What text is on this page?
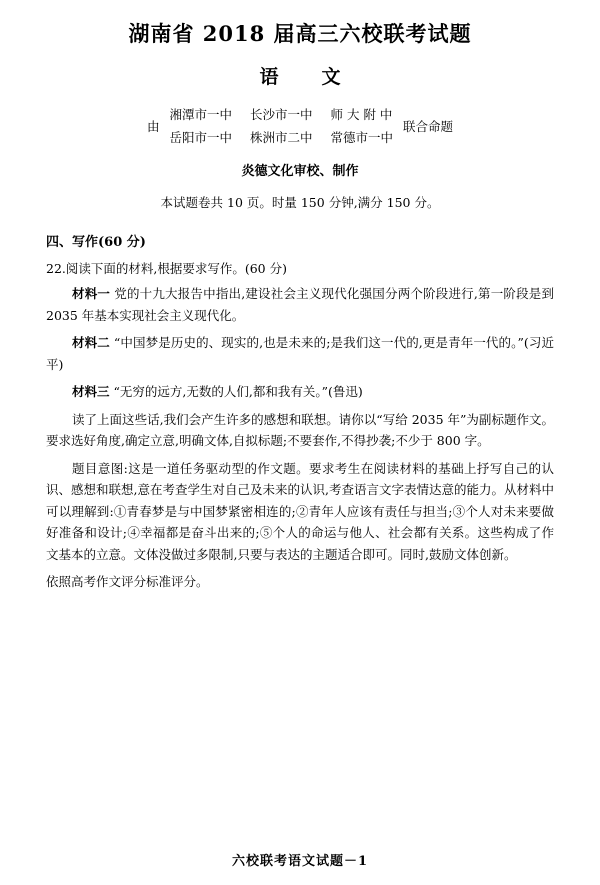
湖南省 2018 届高三六校联考试题
语　文
由
湘潭市一中 长沙市一中 师 大 附 中
岳阳市一中 株洲市二中 常德市一中
联合命题
炎德文化审校、制作
本试题卷共 10 页。时量 150 分钟,满分 150 分。
四、写作(60 分)
22.阅读下面的材料,根据要求写作。(60 分)
材料一 党的十九大报告中指出,建设社会主义现代化强国分两个阶段进行,第一阶段是到 2035 年基本实现社会主义现代化。
材料二 “中国梦是历史的、现实的,也是未来的;是我们这一代的,更是青年一代的。”(习近平)
材料三 “无穷的远方,无数的人们,都和我有关。”(鲁迅)
读了上面这些话,我们会产生许多的感想和联想。请你以“写给 2035 年”为副标题作文。要求选好角度,确定立意,明确文体,自拟标题;不要套作,不得抄袭;不少于 800 字。
题目意图:这是一道任务驱动型的作文题。要求考生在阅读材料的基础上抒写自己的认识、感想和联想,意在考查学生对自己及未来的认识,考查语言文字表情达意的能力。从材料中可以理解到:①青春梦是与中国梦紧密相连的;②青年人应该有责任与担当;③个人对未来要做好准备和设计;④幸福都是奋斗出来的;⑤个人的命运与他人、社会都有关系。这些构成了作文基本的立意。文体没做过多限制,只要与表达的主题适合即可。同时,鼓励文体创新。
依照高考作文评分标准评分。
六校联考语文试题－1
